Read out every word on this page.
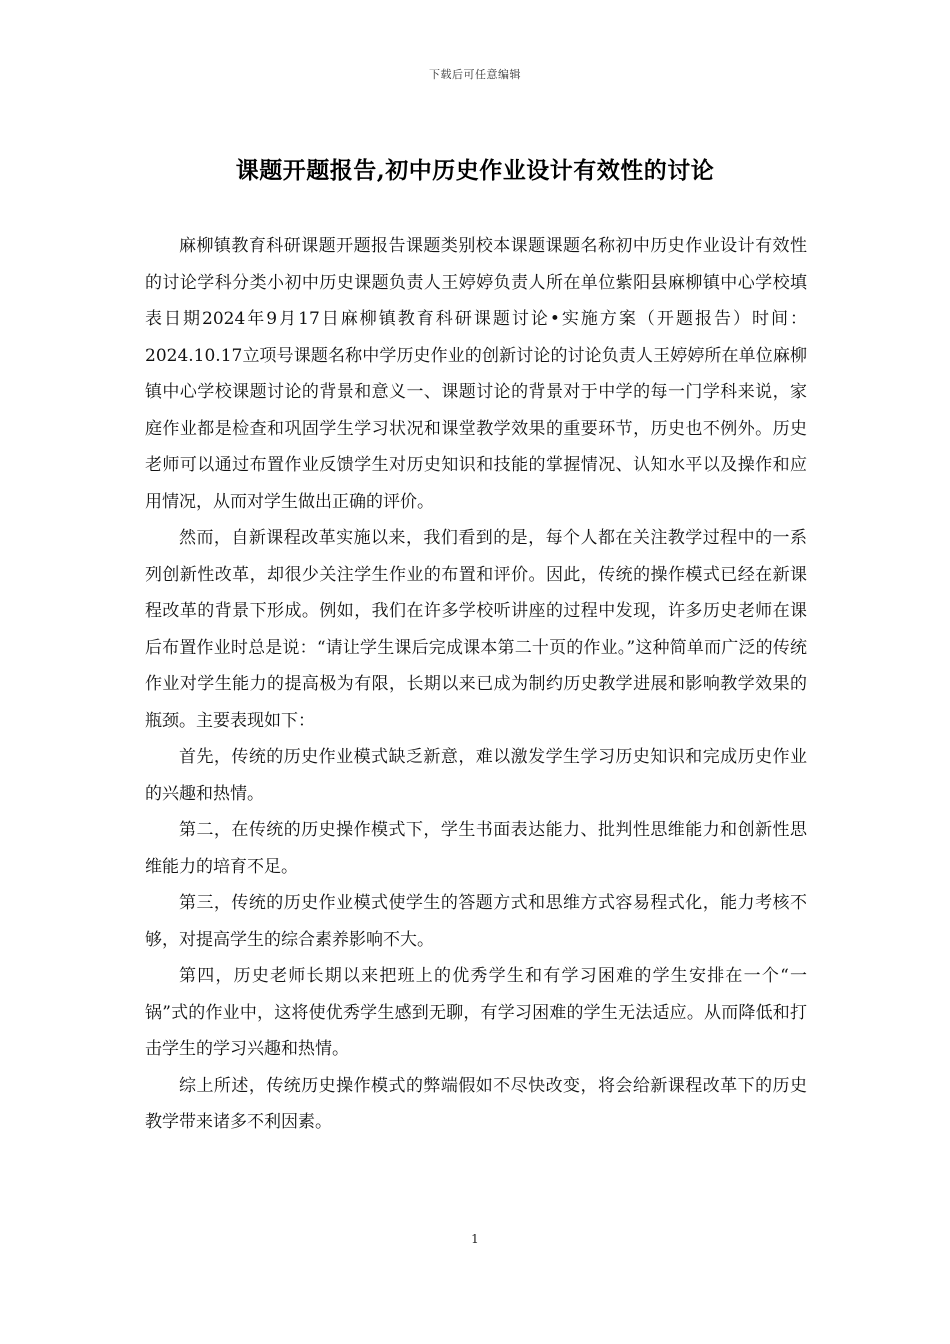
下载后可任意编辑
课题开题报告,初中历史作业设计有效性的讨论

麻柳镇教育科研课题开题报告课题类别校本课题课题名称初中历史作业设计有效性的讨论学科分类小初中历史课题负责人王婷婷负责人所在单位紫阳县麻柳镇中心学校填表日期2024年9月17日麻柳镇教育科研课题讨论•实施方案（开题报告）时间：2024.10.17立项号课题名称中学历史作业的创新讨论的讨论负责人王婷婷所在单位麻柳镇中心学校课题讨论的背景和意义一、课题讨论的背景对于中学的每一门学科来说，家庭作业都是检查和巩固学生学习状况和课堂教学效果的重要环节，历史也不例外。历史老师可以通过布置作业反馈学生对历史知识和技能的掌握情况、认知水平以及操作和应用情况，从而对学生做出正确的评价。

然而，自新课程改革实施以来，我们看到的是，每个人都在关注教学过程中的一系列创新性改革，却很少关注学生作业的布置和评价。因此，传统的操作模式已经在新课程改革的背景下形成。例如，我们在许多学校听讲座的过程中发现，许多历史老师在课后布置作业时总是说：“请让学生课后完成课本第二十页的作业。”这种简单而广泛的传统作业对学生能力的提高极为有限，长期以来已成为制约历史教学进展和影响教学效果的瓶颈。主要表现如下：

首先，传统的历史作业模式缺乏新意，难以激发学生学习历史知识和完成历史作业的兴趣和热情。

第二，在传统的历史操作模式下，学生书面表达能力、批判性思维能力和创新性思维能力的培育不足。

第三，传统的历史作业模式使学生的答题方式和思维方式容易程式化，能力考核不够，对提高学生的综合素养影响不大。

第四，历史老师长期以来把班上的优秀学生和有学习困难的学生安排在一个“一锅”式的作业中，这将使优秀学生感到无聊，有学习困难的学生无法适应。从而降低和打击学生的学习兴趣和热情。

综上所述，传统历史操作模式的弊端假如不尽快改变，将会给新课程改革下的历史教学带来诸多不利因素。

1
